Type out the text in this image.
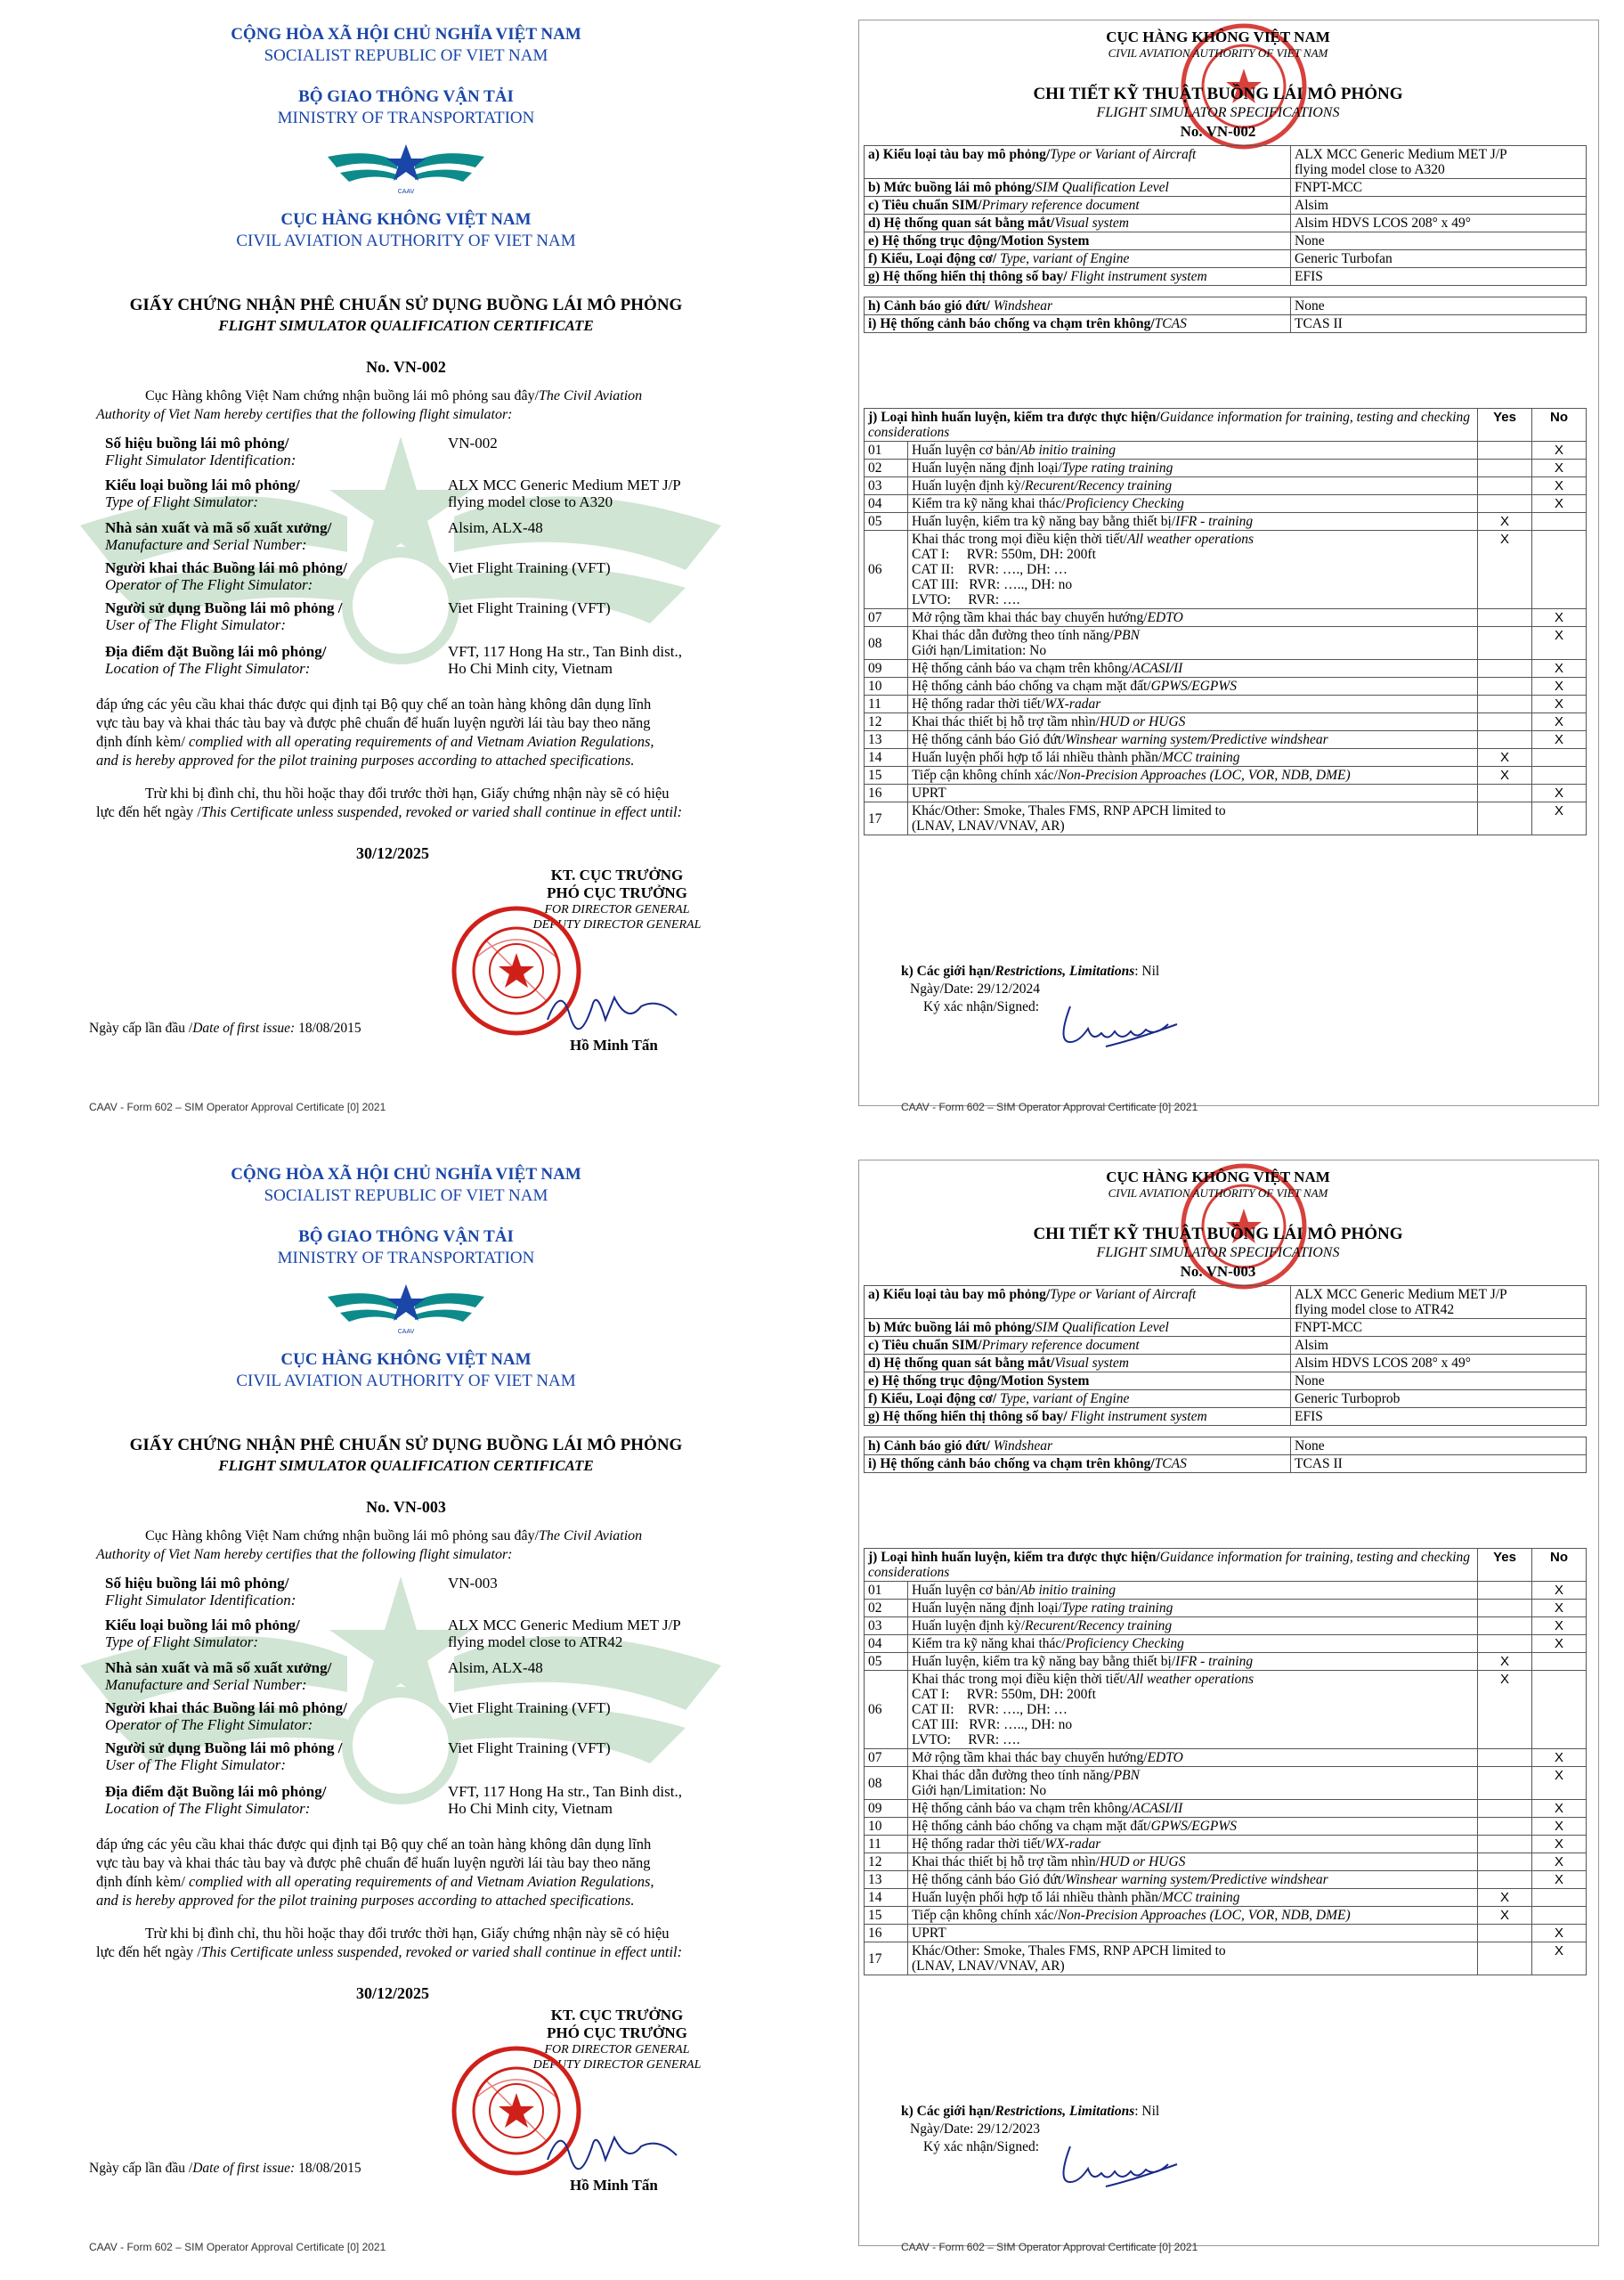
CỘNG HÒA XÃ HỘI CHỦ NGHĨA VIỆT NAM
SOCIALIST REPUBLIC OF VIET NAM
BỘ GIAO THÔNG VẬN TẢI
MINISTRY OF TRANSPORTATION
CAAV
CỤC HÀNG KHÔNG VIỆT NAM
CIVIL AVIATION AUTHORITY OF VIET NAM
GIẤY CHỨNG NHẬN PHÊ CHUẨN SỬ DỤNG BUỒNG LÁI MÔ PHỎNG
FLIGHT SIMULATOR QUALIFICATION CERTIFICATE
No. VN-002
Cục Hàng không Việt Nam chứng nhận buồng lái mô phỏng sau đây/The Civil Aviation
Authority of Viet Nam hereby certifies that the following flight simulator:
Số hiệu buồng lái mô phỏng/
Flight Simulator Identification:
VN-002
Kiểu loại buồng lái mô phỏng/
Type of Flight Simulator:
ALX MCC Generic Medium MET J/P
flying model close to A320
Nhà sản xuất và mã số xuất xưởng/
Manufacture and Serial Number:
Alsim, ALX-48
Người khai thác Buồng lái mô phỏng/
Operator of The Flight Simulator:
Viet Flight Training (VFT)
Người sử dụng Buồng lái mô phỏng /
User of The Flight Simulator:
Viet Flight Training (VFT)
Địa điểm đặt Buồng lái mô phỏng/
Location of The Flight Simulator:
VFT, 117 Hong Ha str., Tan Binh dist.,
Ho Chi Minh city, Vietnam
đáp ứng các yêu cầu khai thác được qui định tại Bộ quy chế an toàn hàng không dân dụng lĩnh
vực tàu bay và khai thác tàu bay và được phê chuẩn để huấn luyện người lái tàu bay theo năng
định đính kèm/ complied with all operating requirements of and Vietnam Aviation Regulations,
and is hereby approved for the pilot training purposes according to attached specifications.
Trừ khi bị đình chỉ, thu hồi hoặc thay đổi trước thời hạn, Giấy chứng nhận này sẽ có hiệu
lực đến hết ngày /This Certificate unless suspended, revoked or varied shall continue in effect until:
30/12/2025
KT. CỤC TRƯỞNG
PHÓ CỤC TRƯỞNG
FOR DIRECTOR GENERAL
DEPUTY DIRECTOR GENERAL
Hồ Minh Tấn
Ngày cấp lần đầu /Date of first issue: 18/08/2015
CAAV - Form 602 – SIM Operator Approval Certificate [0] 2021
CỘNG HÒA XÃ HỘI CHỦ NGHĨA VIỆT NAM
SOCIALIST REPUBLIC OF VIET NAM
BỘ GIAO THÔNG VẬN TẢI
MINISTRY OF TRANSPORTATION
CAAV
CỤC HÀNG KHÔNG VIỆT NAM
CIVIL AVIATION AUTHORITY OF VIET NAM
GIẤY CHỨNG NHẬN PHÊ CHUẨN SỬ DỤNG BUỒNG LÁI MÔ PHỎNG
FLIGHT SIMULATOR QUALIFICATION CERTIFICATE
No. VN-003
Cục Hàng không Việt Nam chứng nhận buồng lái mô phỏng sau đây/The Civil Aviation
Authority of Viet Nam hereby certifies that the following flight simulator:
Số hiệu buồng lái mô phỏng/
Flight Simulator Identification:
VN-003
Kiểu loại buồng lái mô phỏng/
Type of Flight Simulator:
ALX MCC Generic Medium MET J/P
flying model close to ATR42
Nhà sản xuất và mã số xuất xưởng/
Manufacture and Serial Number:
Alsim, ALX-48
Người khai thác Buồng lái mô phỏng/
Operator of The Flight Simulator:
Viet Flight Training (VFT)
Người sử dụng Buồng lái mô phỏng /
User of The Flight Simulator:
Viet Flight Training (VFT)
Địa điểm đặt Buồng lái mô phỏng/
Location of The Flight Simulator:
VFT, 117 Hong Ha str., Tan Binh dist.,
Ho Chi Minh city, Vietnam
đáp ứng các yêu cầu khai thác được qui định tại Bộ quy chế an toàn hàng không dân dụng lĩnh
vực tàu bay và khai thác tàu bay và được phê chuẩn để huấn luyện người lái tàu bay theo năng
định đính kèm/ complied with all operating requirements of and Vietnam Aviation Regulations,
and is hereby approved for the pilot training purposes according to attached specifications.
Trừ khi bị đình chỉ, thu hồi hoặc thay đổi trước thời hạn, Giấy chứng nhận này sẽ có hiệu
lực đến hết ngày /This Certificate unless suspended, revoked or varied shall continue in effect until:
30/12/2025
KT. CỤC TRƯỞNG
PHÓ CỤC TRƯỞNG
FOR DIRECTOR GENERAL
DEPUTY DIRECTOR GENERAL
Hồ Minh Tấn
Ngày cấp lần đầu /Date of first issue: 18/08/2015
CAAV - Form 602 – SIM Operator Approval Certificate [0] 2021
CỤC HÀNG KHÔNG VIỆT NAM
CIVIL AVIATION AUTHORITY OF VIET NAM
CHI TIẾT KỸ THUẬT BUỒNG LÁI MÔ PHỎNG
FLIGHT SIMULATOR SPECIFICATIONS
No. VN-002
a) Kiểu loại tàu bay mô phỏng/Type or Variant of Aircraft	ALX MCC Generic Medium MET J/P
flying model close to A320

b) Mức buồng lái mô phỏng/SIM Qualification Level	FNPT-MCC

c) Tiêu chuẩn SIM/Primary reference document	Alsim

d) Hệ thống quan sát bằng mắt/Visual system	Alsim HDVS LCOS 208° x 49°

e) Hệ thống trục động/Motion System	None

f) Kiểu, Loại động cơ/ Type, variant of Engine	Generic Turbofan

g) Hệ thống hiển thị thông số bay/ Flight instrument system	EFIS

h) Cảnh báo gió đứt/ Windshear	None

i) Hệ thống cảnh báo chống va chạm trên không/TCAS	TCAS II
j) Loại hình huấn luyện, kiểm tra được thực hiện/Guidance information for training, testing and checking considerations		Yes	No
01	Huấn luyện cơ bản/Ab initio training		X
02	Huấn luyện năng định loại/Type rating training		X
03	Huấn luyện định kỳ/Recurent/Recency training		X
04	Kiểm tra kỹ năng khai thác/Proficiency Checking		X
05	Huấn luyện, kiểm tra kỹ năng bay bằng thiết bị/IFR - training	X	
06	Khai thác trong mọi điều kiện thời tiết/All weather operations
CAT I:     RVR: 550m, DH: 200ft
CAT II:    RVR: …., DH: …
CAT III:   RVR: ….., DH: no
LVTO:     RVR: ….	X	
07	Mở rộng tầm khai thác bay chuyển hướng/EDTO		X
08	Khai thác dẫn đường theo tính năng/PBN
Giới hạn/Limitation: No		X
09	Hệ thống cảnh báo va chạm trên không/ACASI/II		X
10	Hệ thống cảnh báo chống va chạm mặt đất/GPWS/EGPWS		X
11	Hệ thống radar thời tiết/WX-radar		X
12	Khai thác thiết bị hỗ trợ tầm nhìn/HUD or HUGS		X
13	Hệ thống cảnh báo Gió đứt/Winshear warning system/Predictive windshear		X
14	Huấn luyện phối hợp tổ lái nhiều thành phần/MCC training	X	
15	Tiếp cận không chính xác/Non-Precision Approaches (LOC, VOR, NDB, DME)	X	
16	UPRT		X
17	Khác/Other: Smoke, Thales FMS, RNP APCH limited to
(LNAV, LNAV/VNAV, AR)		X
k) Các giới hạn/Restrictions, Limitations: Nil
Ngày/Date: 29/12/2024
Ký xác nhận/Signed:
CAAV - Form 602 – SIM Operator Approval Certificate [0] 2021
CỤC HÀNG KHÔNG VIỆT NAM
CIVIL AVIATION AUTHORITY OF VIET NAM
CHI TIẾT KỸ THUẬT BUỒNG LÁI MÔ PHỎNG
FLIGHT SIMULATOR SPECIFICATIONS
No. VN-003
a) Kiểu loại tàu bay mô phỏng/Type or Variant of Aircraft	ALX MCC Generic Medium MET J/P
flying model close to ATR42

b) Mức buồng lái mô phỏng/SIM Qualification Level	FNPT-MCC

c) Tiêu chuẩn SIM/Primary reference document	Alsim

d) Hệ thống quan sát bằng mắt/Visual system	Alsim HDVS LCOS 208° x 49°

e) Hệ thống trục động/Motion System	None

f) Kiểu, Loại động cơ/ Type, variant of Engine	Generic Turboprob

g) Hệ thống hiển thị thông số bay/ Flight instrument system	EFIS

h) Cảnh báo gió đứt/ Windshear	None

i) Hệ thống cảnh báo chống va chạm trên không/TCAS	TCAS II
j) Loại hình huấn luyện, kiểm tra được thực hiện/Guidance information for training, testing and checking considerations		Yes	No
01	Huấn luyện cơ bản/Ab initio training		X
02	Huấn luyện năng định loại/Type rating training		X
03	Huấn luyện định kỳ/Recurent/Recency training		X
04	Kiểm tra kỹ năng khai thác/Proficiency Checking		X
05	Huấn luyện, kiểm tra kỹ năng bay bằng thiết bị/IFR - training	X	
06	Khai thác trong mọi điều kiện thời tiết/All weather operations
CAT I:     RVR: 550m, DH: 200ft
CAT II:    RVR: …., DH: …
CAT III:   RVR: ….., DH: no
LVTO:     RVR: ….	X	
07	Mở rộng tầm khai thác bay chuyển hướng/EDTO		X
08	Khai thác dẫn đường theo tính năng/PBN
Giới hạn/Limitation: No		X
09	Hệ thống cảnh báo va chạm trên không/ACASI/II		X
10	Hệ thống cảnh báo chống va chạm mặt đất/GPWS/EGPWS		X
11	Hệ thống radar thời tiết/WX-radar		X
12	Khai thác thiết bị hỗ trợ tầm nhìn/HUD or HUGS		X
13	Hệ thống cảnh báo Gió đứt/Winshear warning system/Predictive windshear		X
14	Huấn luyện phối hợp tổ lái nhiều thành phần/MCC training	X	
15	Tiếp cận không chính xác/Non-Precision Approaches (LOC, VOR, NDB, DME)	X	
16	UPRT		X
17	Khác/Other: Smoke, Thales FMS, RNP APCH limited to
(LNAV, LNAV/VNAV, AR)		X
k) Các giới hạn/Restrictions, Limitations: Nil
Ngày/Date: 29/12/2023
Ký xác nhận/Signed:
CAAV - Form 602 – SIM Operator Approval Certificate [0] 2021
